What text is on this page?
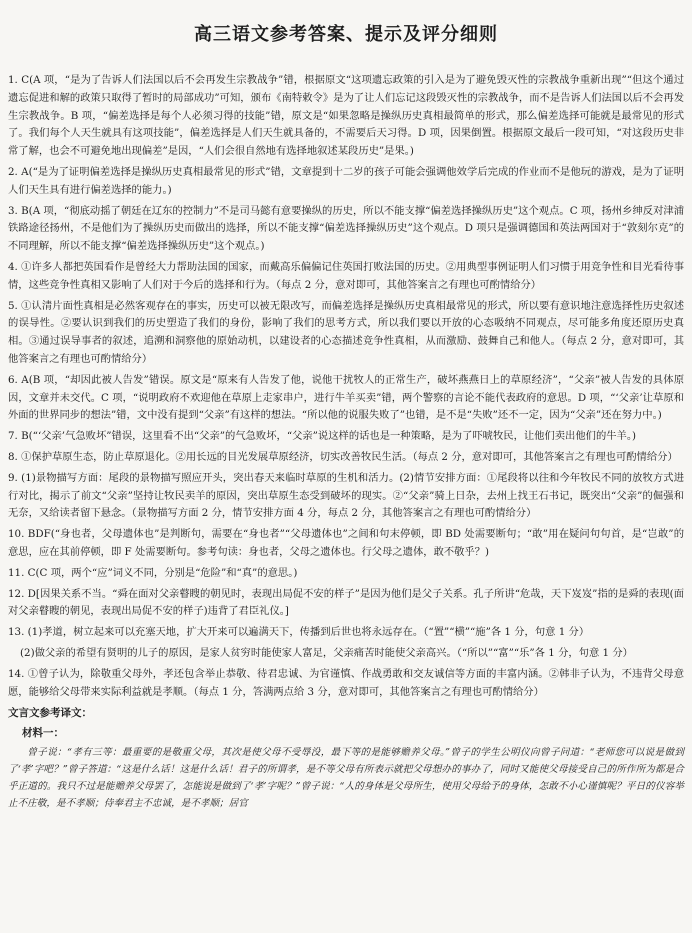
高三语文参考答案、提示及评分细则

1. C(A 项，“是为了告诉人们法国以后不会再发生宗教战争”错，根据原文“这项遗忘政策的引入是为了避免毁灭性的宗教战争重新出现”“但这个通过遗忘促进和解的政策只取得了暂时的局部成功”可知，颁布《南特敕令》是为了让人们忘记这段毁灭性的宗教战争，而不是告诉人们法国以后不会再发生宗教战争。B 项，“偏差选择是每个人必须习得的技能”错，原文是“如果忽略是操纵历史真相最简单的形式，那么偏差选择可能就是最常见的形式了。我们每个人天生就具有这项技能”，偏差选择是人们天生就具备的，不需要后天习得。D 项，因果倒置。根据原文最后一段可知，“对这段历史非常了解，也会不可避免地出现偏差”是因，“人们会很自然地有选择地叙述某段历史”是果。)

2. A(“是为了证明偏差选择是操纵历史真相最常见的形式”错，文章提到十二岁的孩子可能会强调他效学后完成的作业而不是他玩的游戏，是为了证明人们天生具有进行偏差选择的能力。)

3. B(A 项，“彻底动摇了朝廷在辽东的控制力”不是司马懿有意要操纵的历史，所以不能支撑“偏差选择操纵历史”这个观点。C 项，扬州乡绅反对津浦铁路途径扬州，不是他们为了操纵历史而做出的选择，所以不能支撑“偏差选择操纵历史”这个观点。D 项只是强调德国和英法两国对于“敦刻尔克”的不同理解，所以不能支撑“偏差选择操纵历史”这个观点。)

4. ①许多人都把英国看作是曾经大力帮助法国的国家，而戴高乐偏偏记住英国打败法国的历史。②用典型事例证明人们习惯于用竞争性和目光看待事情，这些竞争性真相又影响了人们对于今后的选择和行为。（每点 2 分，意对即可，其他答案言之有理也可酌情给分）

5. ①认清片面性真相是必然客观存在的事实，历史可以被无限改写，而偏差选择是操纵历史真相最常见的形式，所以要有意识地注意选择性历史叙述的误导性。②要认识到我们的历史塑造了我们的身份，影响了我们的思考方式，所以我们要以开放的心态吸纳不同观点，尽可能多角度还原历史真相。③通过误导事者的叙述，追溯和洞察他的原始动机，以建设者的心态描述竞争性真相，从而激励、鼓舞自己和他人。（每点 2 分，意对即可，其他答案言之有理也可酌情给分）

6. A(B 项，“却因此被人告发”错误。原文是“原来有人告发了他，说他干扰牧人的正常生产，破坏燕燕日上的草原经济”，“父亲”被人告发的具体原因，文章并未交代。C 项，“说明政府不欢迎他在草原上走家串户，进行牛羊买卖”错，两个警察的言论不能代表政府的意思。D 项，“‘父亲’让草原和外面的世界同步的想法”错，文中没有提到“父亲”有这样的想法。“所以他的说服失败了”也错，是不是“失败”还不一定，因为“父亲”还在努力中。)

7. B(“‘父亲’气急败坏”错误，这里看不出“父亲”的气急败坏，“父亲”说这样的话也是一种策略，是为了吓唬牧民，让他们卖出他们的牛羊。)

8. ①保护草原生态，防止草原退化。②用长远的目光发展草原经济，切实改善牧民生活。（每点 2 分，意对即可，其他答案言之有理也可酌情给分）

9. (1)景物描写方面：尾段的景物描写照应开头，突出春天来临时草原的生机和活力。(2)情节安排方面：①尾段将以往和今年牧民不同的放牧方式进行对比，揭示了前文“父亲”坚持让牧民卖羊的原因，突出草原生态受到破坏的现实。②“父亲”骑上日杂，去州上找王石书记，既突出“父亲”的倔强和无奈，又给读者留下悬念。（景物描写方面 2 分，情节安排方面 4 分，每点 2 分，其他答案言之有理也可酌情给分）

10. BDF(“身也者，父母遗体也”是判断句，需要在“身也者”“父母遗体也”之间和句末停顿，即 BD 处需要断句；“敢”用在疑问句句首，是“岂敢”的意思，应在其前停顿，即 F 处需要断句。参考句读：身也者，父母之遗体也。行父母之遗体，敢不敬乎？)

11. C(C 项，两个“应”词义不同，分别是“危险”和“真”的意思。)

12. D[因果关系不当。“舜在面对父亲瞽瞍的朝见时，表现出局促不安的样子”是因为他们是父子关系。孔子所讲“危哉，天下岌岌”指的是舜的表现(面对父亲瞽瞍的朝见，表现出局促不安的样子)违背了君臣礼仪。]

13. (1)孝道，树立起来可以充塞天地，扩大开来可以遍满天下，传播到后世也将永远存在。（“置”“横”“施”各 1 分，句意 1 分）

(2)做父亲的希望有贤明的儿子的原因，是家人贫穷时能使家人富足，父亲痛苦时能使父亲高兴。（“所以”“富”“乐”各 1 分，句意 1 分）

14. ①曾子认为，除敬重父母外，孝还包含举止恭敬、待君忠诚、为官谨慎、作战勇敢和交友诚信等方面的丰富内涵。②韩非子认为，不违背父母意愿，能够给父母带来实际利益就是孝顺。（每点 1 分，答满两点给 3 分，意对即可，其他答案言之有理也可酌情给分）

文言文参考译文：
材料一：

曾子说：“孝有三等：最重要的是敬重父母，其次是使父母不受辱没，最下等的是能够赡养父母。”曾子的学生公明仪向曾子问道：“老师您可以说是做到了‘孝’字吧？”曾子答道：“这是什么话！这是什么话！君子的所谓孝，是不等父母有所表示就把父母想办的事办了，同时又能使父母接受自己的所作所为都是合乎正道的。我只不过是能赡养父母罢了，怎能说是做到了‘孝’字呢？”曾子说：“人的身体是父母所生，使用父母给予的身体，怎敢不小心谨慎呢？平日的仪容举止不庄敬，是不孝顺；侍奉君主不忠诚，是不孝顺；居官
